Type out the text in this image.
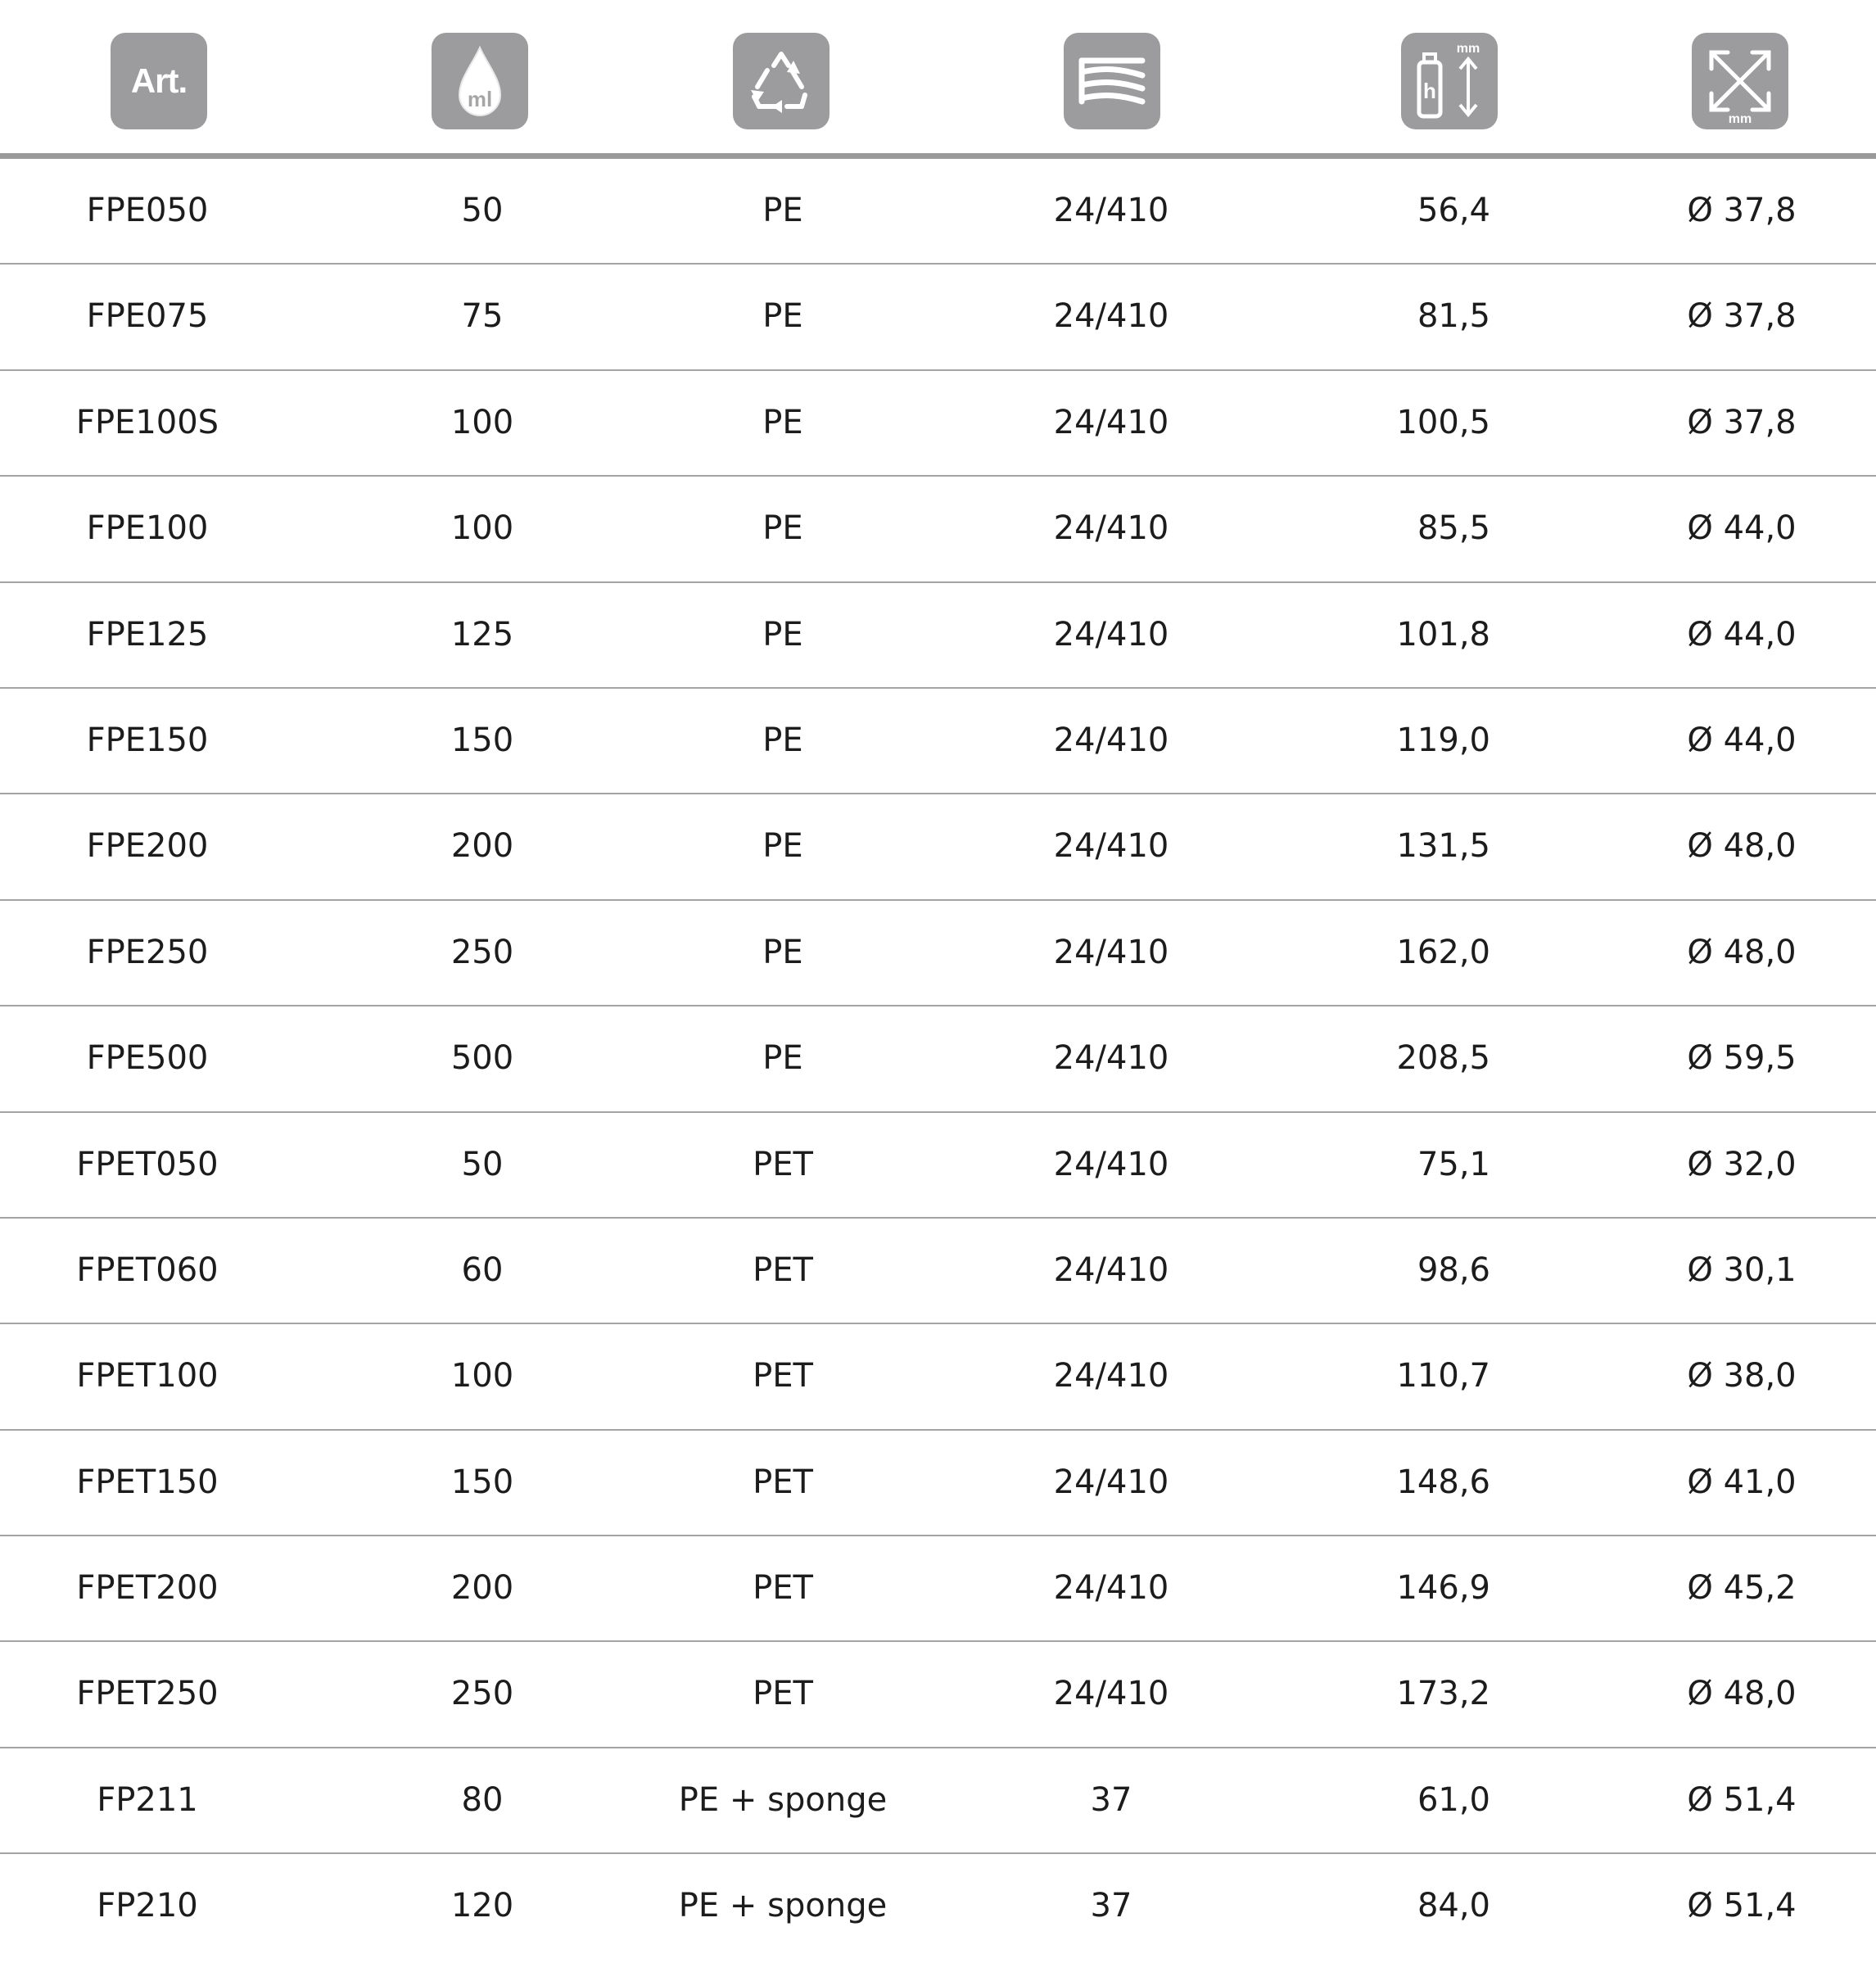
Art.	ml	h
mm
mm
FPE050	50	PE	24/410	56,4	Ø 37,8
FPE075	75	PE	24/410	81,5	Ø 37,8
FPE100S	100	PE	24/410	100,5	Ø 37,8
FPE100	100	PE	24/410	85,5	Ø 44,0
FPE125	125	PE	24/410	101,8	Ø 44,0
FPE150	150	PE	24/410	119,0	Ø 44,0
FPE200	200	PE	24/410	131,5	Ø 48,0
FPE250	250	PE	24/410	162,0	Ø 48,0
FPE500	500	PE	24/410	208,5	Ø 59,5
FPET050	50	PET	24/410	75,1	Ø 32,0
FPET060	60	PET	24/410	98,6	Ø 30,1
FPET100	100	PET	24/410	110,7	Ø 38,0
FPET150	150	PET	24/410	148,6	Ø 41,0
FPET200	200	PET	24/410	146,9	Ø 45,2
FPET250	250	PET	24/410	173,2	Ø 48,0
FP211	80	PE + sponge	37	61,0	Ø 51,4
FP210	120	PE + sponge	37	84,0	Ø 51,4
